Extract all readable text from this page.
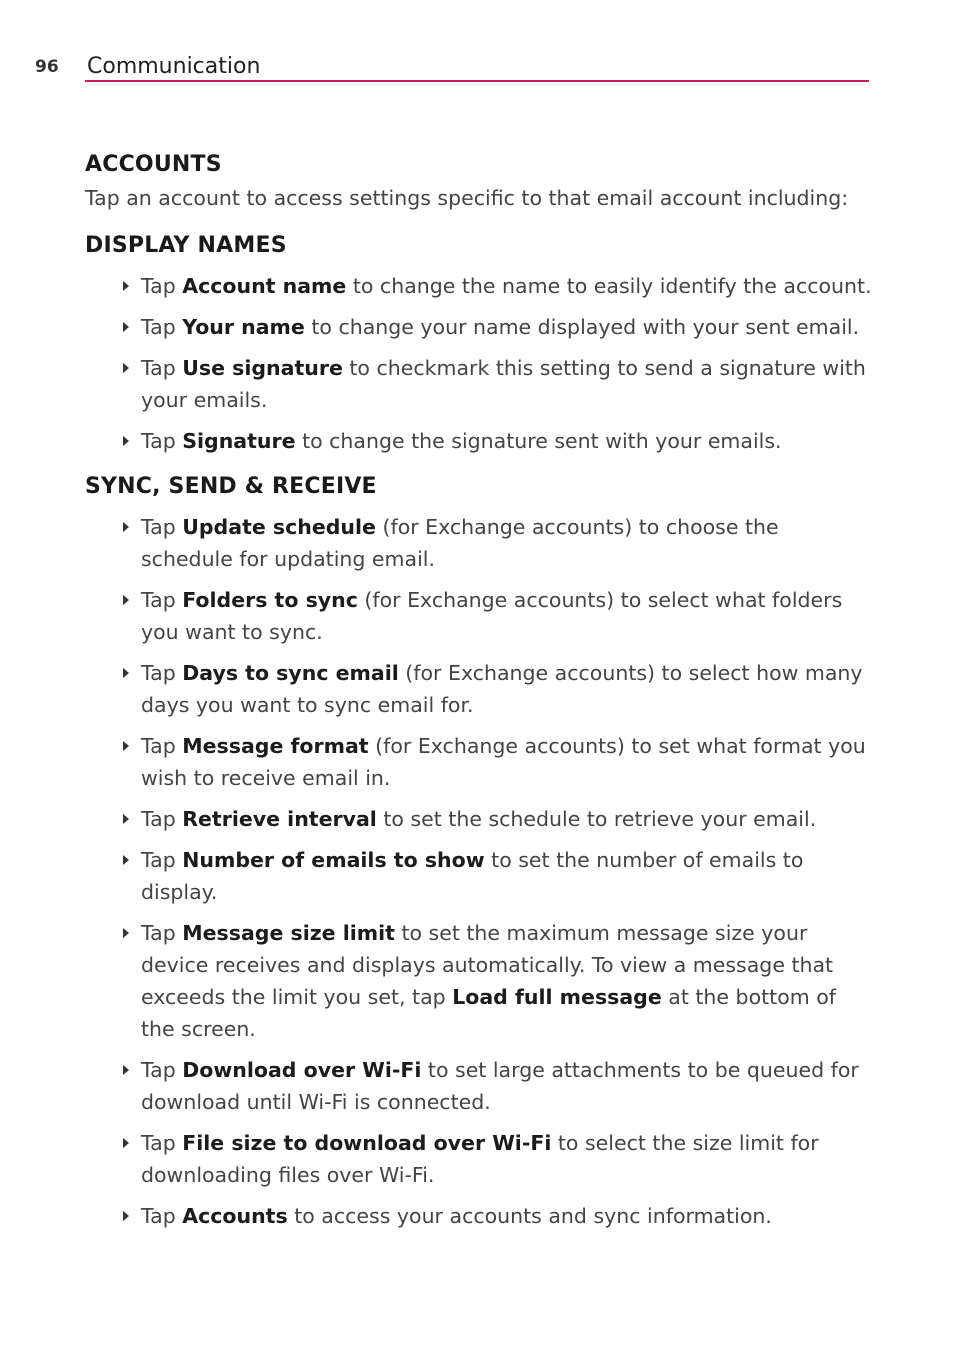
96 Communication
ACCOUNTS

Tap an account to access settings specific to that email account including:

DISPLAY NAMES
Tap Account name to change the name to easily identify the account.
Tap Your name to change your name displayed with your sent email.
Tap Use signature to checkmark this setting to send a signature with your emails.
Tap Signature to change the signature sent with your emails.
SYNC, SEND & RECEIVE
Tap Update schedule (for Exchange accounts) to choose the schedule for updating email.
Tap Folders to sync (for Exchange accounts) to select what folders you want to sync.
Tap Days to sync email (for Exchange accounts) to select how many days you want to sync email for.
Tap Message format (for Exchange accounts) to set what format you wish to receive email in.
Tap Retrieve interval to set the schedule to retrieve your email.
Tap Number of emails to show to set the number of emails to display.
Tap Message size limit to set the maximum message size your device receives and displays automatically. To view a message that exceeds the limit you set, tap Load full message at the bottom of the screen.
Tap Download over Wi-Fi to set large attachments to be queued for download until Wi-Fi is connected.
Tap File size to download over Wi-Fi to select the size limit for downloading files over Wi-Fi.
Tap Accounts to access your accounts and sync information.
